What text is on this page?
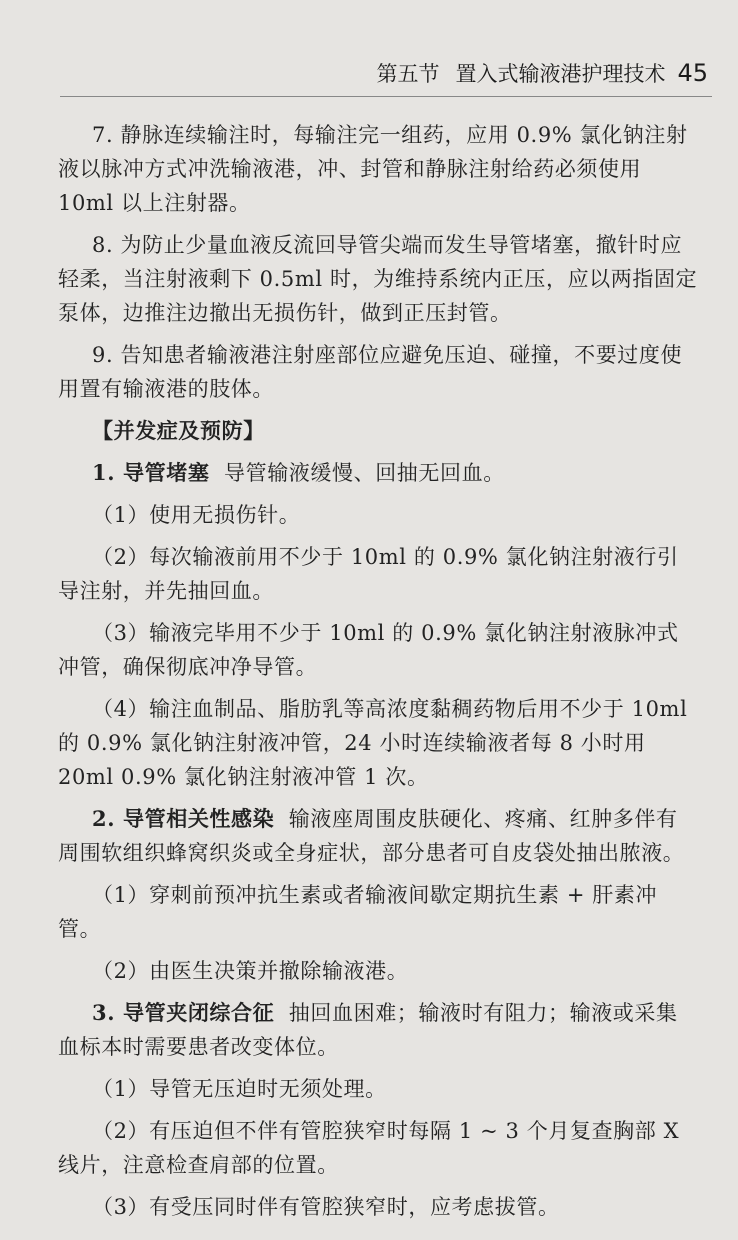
第五节 置入式输液港护理技术 45

7. 静脉连续输注时，每输注完一组药，应用 0.9% 氯化钠注射液以脉冲方式冲洗输液港，冲、封管和静脉注射给药必须使用 10ml 以上注射器。

8. 为防止少量血液反流回导管尖端而发生导管堵塞，撤针时应轻柔，当注射液剩下 0.5ml 时，为维持系统内正压，应以两指固定泵体，边推注边撤出无损伤针，做到正压封管。

9. 告知患者输液港注射座部位应避免压迫、碰撞，不要过度使用置有输液港的肢体。

【并发症及预防】

1. 导管堵塞 导管输液缓慢、回抽无回血。

（1）使用无损伤针。

（2）每次输液前用不少于 10ml 的 0.9% 氯化钠注射液行引导注射，并先抽回血。

（3）输液完毕用不少于 10ml 的 0.9% 氯化钠注射液脉冲式冲管，确保彻底冲净导管。

（4）输注血制品、脂肪乳等高浓度黏稠药物后用不少于 10ml 的 0.9% 氯化钠注射液冲管，24 小时连续输液者每 8 小时用 20ml 0.9% 氯化钠注射液冲管 1 次。

2. 导管相关性感染 输液座周围皮肤硬化、疼痛、红肿多伴有周围软组织蜂窝织炎或全身症状，部分患者可自皮袋处抽出脓液。

（1）穿刺前预冲抗生素或者输液间歇定期抗生素 + 肝素冲管。

（2）由医生决策并撤除输液港。

3. 导管夹闭综合征 抽回血困难；输液时有阻力；输液或采集血标本时需要患者改变体位。

（1）导管无压迫时无须处理。

（2）有压迫但不伴有管腔狭窄时每隔 1 ~ 3 个月复查胸部 X 线片，注意检查肩部的位置。

（3）有受压同时伴有管腔狭窄时，应考虑拔管。
